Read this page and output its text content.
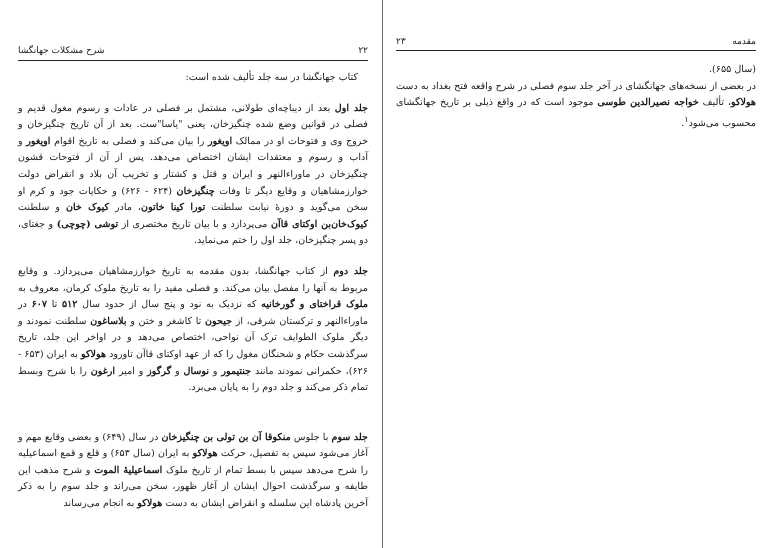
۲۲
شرح مشکلات جهانگشا

کتاب جهانگشا در سه جلد تألیف شده است:

جلد اول بعد از دیباچه‌ای طولانی، مشتمل بر فصلی در عادات و رسوم مغول قدیم و فصلی در قوانین وضع شده چنگیزخان، یعنی "یاسا"ست. بعد از آن تاریخ چنگیزخان و خروج وی و فتوحات او در ممالک اویغور را بیان می‌کند و فصلی به تاریخ اقوام اویغور و آداب و رسوم و معتقدات ایشان اختصاص می‌دهد. پس از آن از فتوحات قشون چنگیزخان در ماوراءالنهر و ایران و قتل و کشتار و تخریب آن بلاد و انقراض دولت خوارزمشاهیان و وقایع دیگر تا وفات چنگیزخان (۶۲۴ - ۶۲۶) و حکایات جود و کرم او سخن می‌گوید و دورهٔ نیابت سلطنت تورا کینا خاتون، مادر کیوک خان و سلطنت کیوک‌خان‌بن اوکتای قاآن می‌پردازد و با بیان تاریخ مختصری از توشی (چوچی) و جغتای، دو پسر چنگیزخان، جلد اول را ختم می‌نماید.

جلد دوم از کتاب جهانگشا، بدون مقدمه به تاریخ خوارزمشاهیان می‌پردازد. و وقایع مربوط به آنها را مفصل بیان می‌کند. و فصلی مفید را به تاریخ ملوک کرمان، معروف به ملوک قراختای و گورخانیه که نزدیک به نود و پنج سال از حدود سال ۵۱۲ تا ۶۰۷ در ماوراءالنهر و ترکستان شرقی، از جیحون تا کاشغر و ختن و بلاساغون سلطنت نمودند و دیگر ملوک الطوایف ترک آن نواحی، اختصاص می‌دهد و در اواخر این جلد، تاریخ سرگذشت حکام و شحنگان مغول را که از عهد اوکتای قاآن تاورود هولاکو به ایران (۶۵۳ - ۶۲۶)، حکمرانی نمودند مانند جنتیمور و نوسال و گرگوز و امیر ارغون را با شرح وبسط تمام ذکر می‌کند و جلد دوم را به پایان می‌برد.

جلد سوم با جلوس منکوقا آن بن تولی بن چنگیزخان در سال (۶۴۹) و بعضی وقایع مهم و آغاز می‌شود سپس به تفصیل، حرکت هولاکو به ایران (سال ۶۵۳) و قلع و قمع اسماعیلیه را شرح می‌دهد سپس با بسط تمام از تاریخ ملوک اسماعیلیهٔ الموت و شرح مذهب این طایفه و سرگذشت احوال ایشان از آغاز ظهور، سخن می‌راند و جلد سوم را به ذکر آخرین پادشاه این سلسله و انقراض ایشان به دست هولاکو به انجام می‌رساند

۲۳	مقدمه

(سال ۶۵۵).

در بعضی از نسخه‌های جهانگشای در آخر جلد سوم فصلی در شرح واقعه فتح بغداد به دست هولاکو، تألیف خواجه نصیرالدین طوسی موجود است که در واقع ذیلی بر تاریخ جهانگشای محسوب می‌شود$^۱$.
